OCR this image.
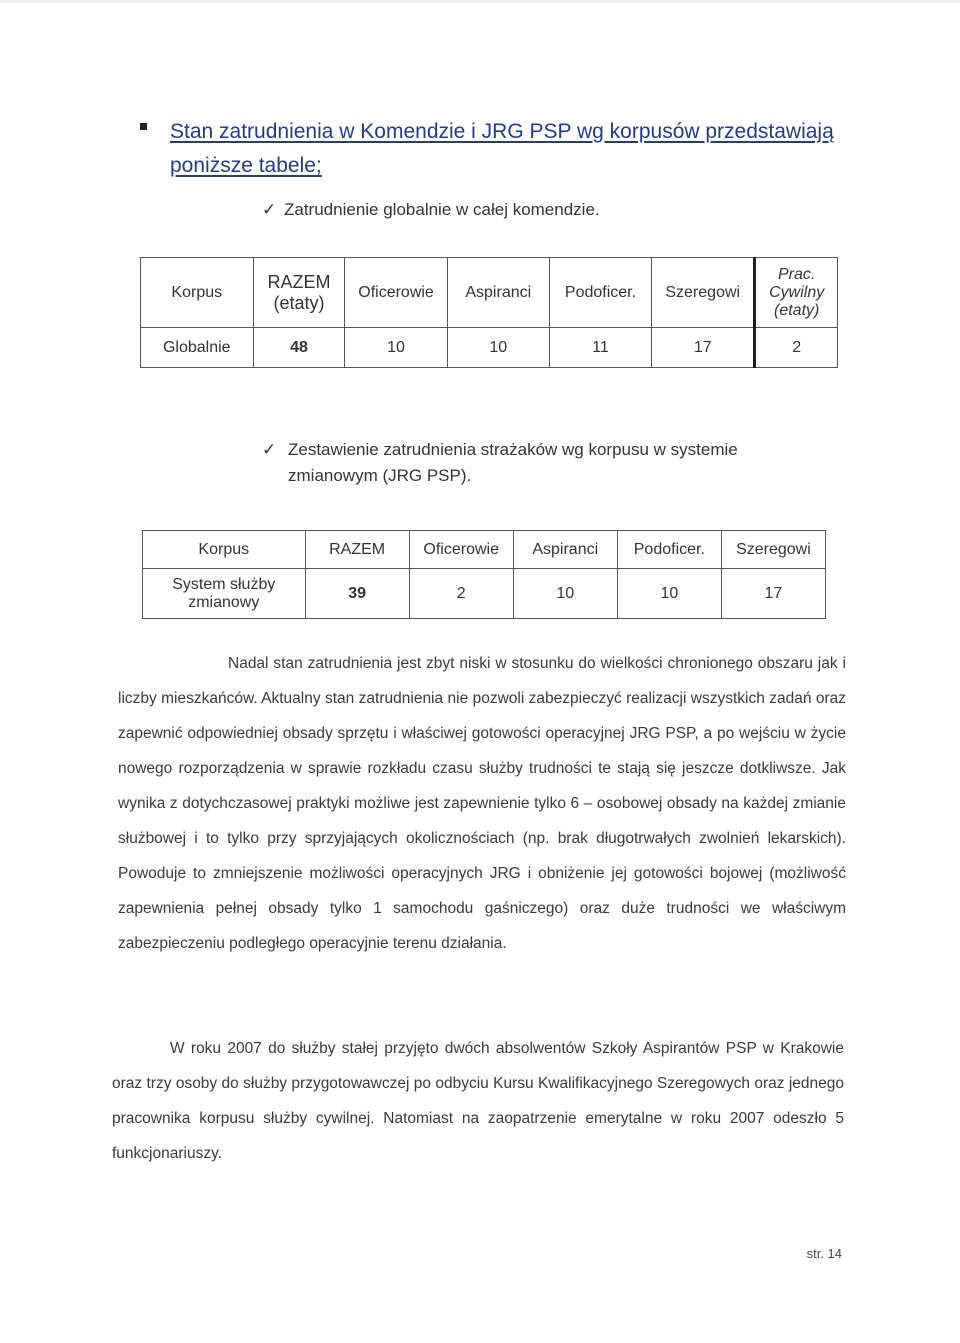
Stan zatrudnienia w Komendzie i JRG PSP wg korpusów przedstawiają poniższe tabele;
✓ Zatrudnienie globalnie w całej komendzie.
Korpus	RAZEM (etaty)	Oficerowie	Aspiranci	Podoficer.	Szeregowi	Prac. Cywilny (etaty)
Globalnie	48	10	10	11	17	2
✓ Zestawienie zatrudnienia strażaków wg korpusu w systemie zmianowym (JRG PSP).
Korpus	RAZEM	Oficerowie	Aspiranci	Podoficer.	Szeregowi
System służby zmianowy	39	2	10	10	17
Nadal stan zatrudnienia jest zbyt niski w stosunku do wielkości chronionego obszaru jak i liczby mieszkańców. Aktualny stan zatrudnienia nie pozwoli zabezpieczyć realizacji wszystkich zadań oraz zapewnić odpowiedniej obsady sprzętu i właściwej gotowości operacyjnej JRG PSP, a po wejściu w życie nowego rozporządzenia w sprawie rozkładu czasu służby trudności te stają się jeszcze dotkliwsze. Jak wynika z dotychczasowej praktyki możliwe jest zapewnienie tylko 6 – osobowej obsady na każdej zmianie służbowej i to tylko przy sprzyjających okolicznościach (np. brak długotrwałych zwolnień lekarskich). Powoduje to zmniejszenie możliwości operacyjnych JRG i obniżenie jej gotowości bojowej (możliwość zapewnienia pełnej obsady tylko 1 samochodu gaśniczego) oraz duże trudności we właściwym zabezpieczeniu podległego operacyjnie terenu działania.
W roku 2007 do służby stałej przyjęto dwóch absolwentów Szkoły Aspirantów PSP w Krakowie oraz trzy osoby do służby przygotowawczej po odbyciu Kursu Kwalifikacyjnego Szeregowych oraz jednego pracownika korpusu służby cywilnej. Natomiast na zaopatrzenie emerytalne w roku 2007 odeszło 5 funkcjonariuszy.
str. 14
